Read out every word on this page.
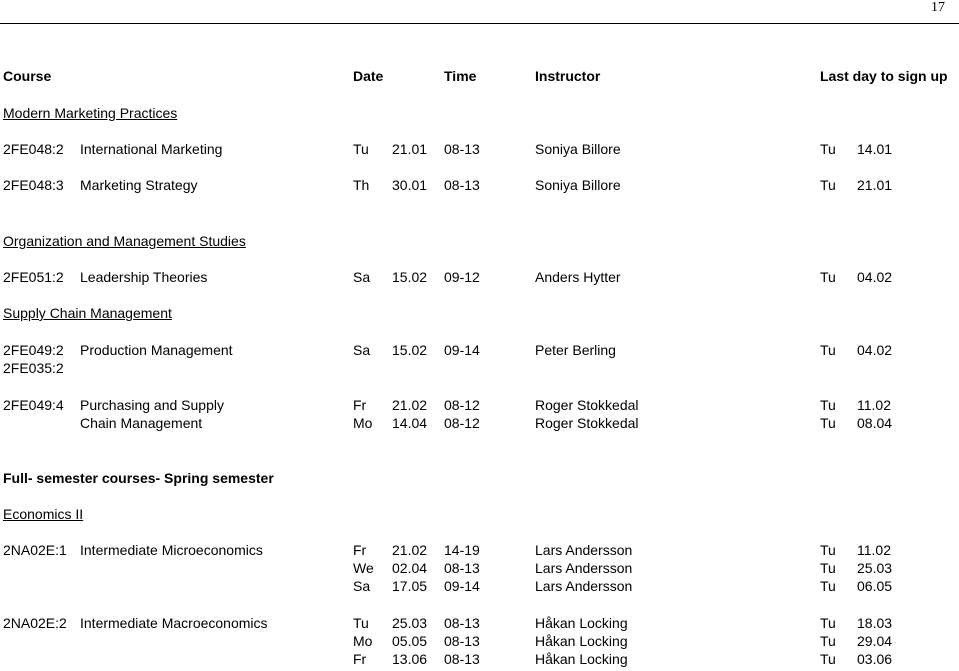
17
Course	Date	Time	Instructor	Last day to sign up
Modern Marketing Practices
2FE048:2 International Marketing	Tu 21.01 08-13	Soniya Billore	Tu 14.01
2FE048:3 Marketing Strategy	Th 30.01 08-13	Soniya Billore	Tu 21.01
Organization and Management Studies
2FE051:2 Leadership Theories	Sa 15.02 09-12	Anders Hytter	Tu 04.02
Supply Chain Management
2FE049:2 Production Management	Sa 15.02 09-14	Peter Berling	Tu 04.02
2FE035:2
2FE049:4 Purchasing and Supply	Fr 21.02 08-12	Roger Stokkedal	Tu 11.02
Chain Management	Mo 14.04 08-12	Roger Stokkedal	Tu 08.04
Full- semester courses- Spring semester
Economics II
2NA02E:1 Intermediate Microeconomics	Fr 21.02 14-19	Lars Andersson	Tu 11.02
We 02.04 08-13	Lars Andersson	Tu 25.03
Sa 17.05 09-14	Lars Andersson	Tu 06.05
2NA02E:2 Intermediate Macroeconomics	Tu 25.03 08-13	Håkan Locking	Tu 18.03
Mo 05.05 08-13	Håkan Locking	Tu 29.04
Fr 13.06 08-13	Håkan Locking	Tu 03.06
